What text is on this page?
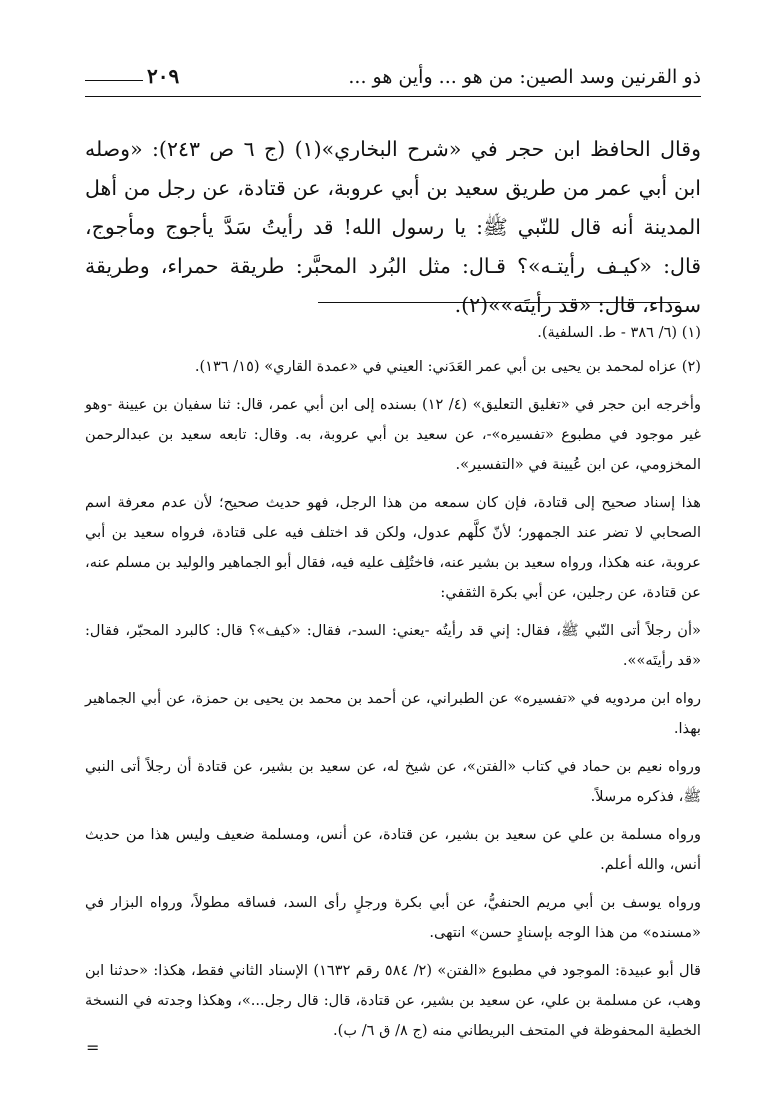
ذو القرنين وسد الصين: من هو ... وأين هو ...
٢٠٩

وقال الحافظ ابن حجر في «شرح البخاري»(١) (ج ٦ ص ٢٤٣): «وصله ابن أبي عمر من طريق سعيد بن أبي عروبة، عن قتادة، عن رجل من أهل المدينة أنه قال للنّبي ﷺ: يا رسول الله! قد رأيتُ سَدَّ يأجوج ومأجوج، قال: «كيـف رأيتـه»؟ قـال: مثل البُرد المحبَّر: طريقة حمراء، وطريقة سوداء، قال: «قد رأيتَه»»(٢).

(١) (٦/ ٣٨٦ - ط. السلفية).

(٢) عزاه لمحمد بن يحيى بن أبي عمر العَدَني: العيني في «عمدة القاري» (١٥/ ١٣٦).

وأخرجه ابن حجر في «تغليق التعليق» (٤/ ١٢) بسنده إلى ابن أبي عمر، قال: ثنا سفيان بن عيينة -وهو غير موجود في مطبوع «تفسيره»-، عن سعيد بن أبي عروبة، به. وقال: تابعه سعيد بن عبدالرحمن المخزومي، عن ابن عُيينة في «التفسير».

هذا إسناد صحيح إلى قتادة، فإن كان سمعه من هذا الرجل، فهو حديث صحيح؛ لأن عدم معرفة اسم الصحابي لا تضر عند الجمهور؛ لأنّ كلَّهم عدول، ولكن قد اختلف فيه على قتادة، فرواه سعيد بن أبي عروبة، عنه هكذا، ورواه سعيد بن بشير عنه، فاختُلِف عليه فيه، فقال أبو الجماهير والوليد بن مسلم عنه، عن قتادة، عن رجلين، عن أبي بكرة الثقفي:

«أن رجلاً أتى النّبي ﷺ، فقال: إني قد رأيتُه -يعني: السد-، فقال: «كيف»؟ قال: كالبرد المحبّر، فقال: «قد رأيتَه»».

رواه ابن مردويه في «تفسيره» عن الطبراني، عن أحمد بن محمد بن يحيى بن حمزة، عن أبي الجماهير بهذا.

ورواه نعيم بن حماد في كتاب «الفتن»، عن شيخ له، عن سعيد بن بشير، عن قتادة أن رجلاً أتى النبي ﷺ، فذكره مرسلاً.

ورواه مسلمة بن علي عن سعيد بن بشير، عن قتادة، عن أنس، ومسلمة ضعيف وليس هذا من حديث أنس، والله أعلم.

ورواه يوسف بن أبي مريم الحنفيُّ، عن أبي بكرة ورجلٍ رأى السد، فساقه مطولاً، ورواه البزار في «مسنده» من هذا الوجه بإسنادٍ حسن» انتهى.

قال أبو عبيدة: الموجود في مطبوع «الفتن» (٢/ ٥٨٤ رقم ١٦٣٢) الإسناد الثاني فقط، هكذا: «حدثنا ابن وهب، عن مسلمة بن علي، عن سعيد بن بشير، عن قتادة، قال: قال رجل...»، وهكذا وجدته في النسخة الخطية المحفوظة في المتحف البريطاني منه (ج ٨/ ق ٦/ ب).

=
